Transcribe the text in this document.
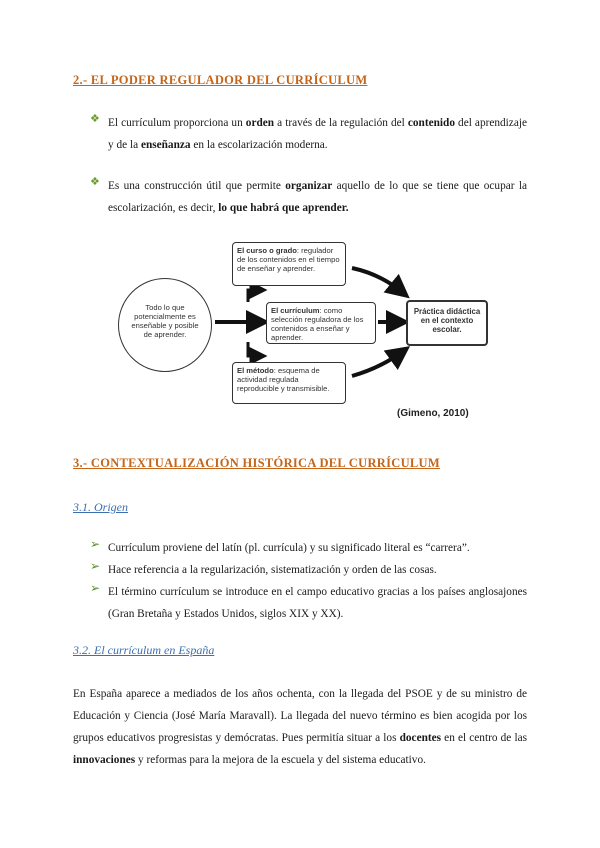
2.- EL PODER REGULADOR DEL CURRÍCULUM
❖ El currículum proporciona un orden a través de la regulación del contenido del aprendizaje y de la enseñanza en la escolarización moderna.
❖ Es una construcción útil que permite organizar aquello de lo que se tiene que ocupar la escolarización, es decir, lo que habrá que aprender.
Todo lo que potencialmente es enseñable y posible de aprender.
El curso o grado: regulador de los contenidos en el tiempo de enseñar y aprender.
El currículum: como selección reguladora de los contenidos a enseñar y aprender.
El método: esquema de actividad regulada reproducible y transmisible.
Práctica didáctica en el contexto escolar.
(Gimeno, 2010)
3.- CONTEXTUALIZACIÓN HISTÓRICA DEL CURRÍCULUM
3.1. Origen
➢ Currículum proviene del latín (pl. currícula) y su significado literal es “carrera”.
➢ Hace referencia a la regularización, sistematización y orden de las cosas.
➢ El término currículum se introduce en el campo educativo gracias a los países anglosajones (Gran Bretaña y Estados Unidos, siglos XIX y XX).
3.2. El currículum en España
En España aparece a mediados de los años ochenta, con la llegada del PSOE y de su ministro de Educación y Ciencia (José María Maravall). La llegada del nuevo término es bien acogida por los grupos educativos progresistas y demócratas. Pues permitía situar a los docentes en el centro de las innovaciones y reformas para la mejora de la escuela y del sistema educativo.
